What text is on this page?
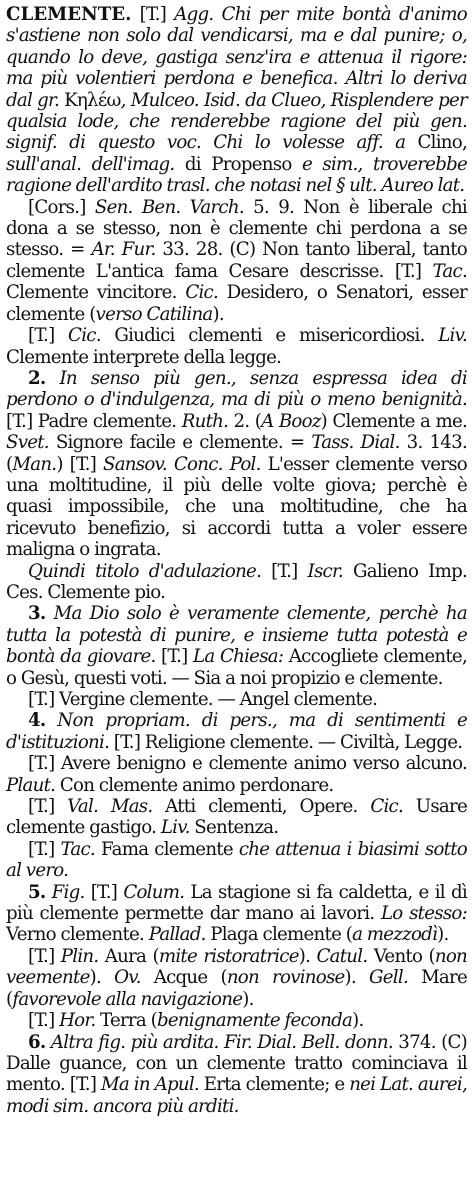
CLEMENTE. [T.] Agg. Chi per mite bontà d'animo s'astiene non solo dal vendicarsi, ma e dal punire; o, quando lo deve, gastiga senz'ira e attenua il rigore: ma più volentieri perdona e benefica. Altri lo deriva dal gr. Κηλέω, Mulceo. Isid. da Clueo, Risplendere per qualsia lode, che renderebbe ragione del più gen. signif. di questo voc. Chi lo volesse aff. a Clino, sull'anal. dell'imag. di Propenso e sim., troverebbe ragione dell'ardito trasl. che notasi nel § ult. Aureo lat.

[Cors.] Sen. Ben. Varch. 5. 9. Non è liberale chi dona a se stesso, non è clemente chi perdona a se stesso. = Ar. Fur. 33. 28. (C) Non tanto liberal, tanto clemente L'antica fama Cesare descrisse. [T.] Tac. Clemente vincitore. Cic. Desidero, o Senatori, esser clemente (verso Catilina).

[T.] Cic. Giudici clementi e misericordiosi. Liv. Clemente interprete della legge.

2. In senso più gen., senza espressa idea di perdono o d'indulgenza, ma di più o meno benignità. [T.] Padre clemente. Ruth. 2. (A Booz) Clemente a me. Svet. Signore facile e clemente. = Tass. Dial. 3. 143. (Man.) [T.] Sansov. Conc. Pol. L'esser clemente verso una moltitudine, il più delle volte giova; perchè è quasi impossibile, che una moltitudine, che ha ricevuto benefizio, si accordi tutta a voler essere maligna o ingrata.

Quindi titolo d'adulazione. [T.] Iscr. Galieno Imp. Ces. Clemente pio.

3. Ma Dio solo è veramente clemente, perchè ha tutta la potestà di punire, e insieme tutta potestà e bontà da giovare. [T.] La Chiesa: Accogliete clemente, o Gesù, questi voti. — Sia a noi propizio e clemente.

[T.] Vergine clemente. — Angel clemente.

4. Non propriam. di pers., ma di sentimenti e d'istituzioni. [T.] Religione clemente. — Civiltà, Legge.

[T.] Avere benigno e clemente animo verso alcuno. Plaut. Con clemente animo perdonare.

[T.] Val. Mas. Atti clementi, Opere. Cic. Usare clemente gastigo. Liv. Sentenza.

[T.] Tac. Fama clemente che attenua i biasimi sotto al vero.

5. Fig. [T.] Colum. La stagione si fa caldetta, e il dì più clemente permette dar mano ai lavori. Lo stesso: Verno clemente. Pallad. Plaga clemente (a mezzodì).

[T.] Plin. Aura (mite ristoratrice). Catul. Vento (non veemente). Ov. Acque (non rovinose). Gell. Mare (favorevole alla navigazione).

[T.] Hor. Terra (benignamente feconda).

6. Altra fig. più ardita. Fir. Dial. Bell. donn. 374. (C) Dalle guance, con un clemente tratto cominciava il mento. [T.] Ma in Apul. Erta clemente; e nei Lat. aurei, modi sim. ancora più arditi.
